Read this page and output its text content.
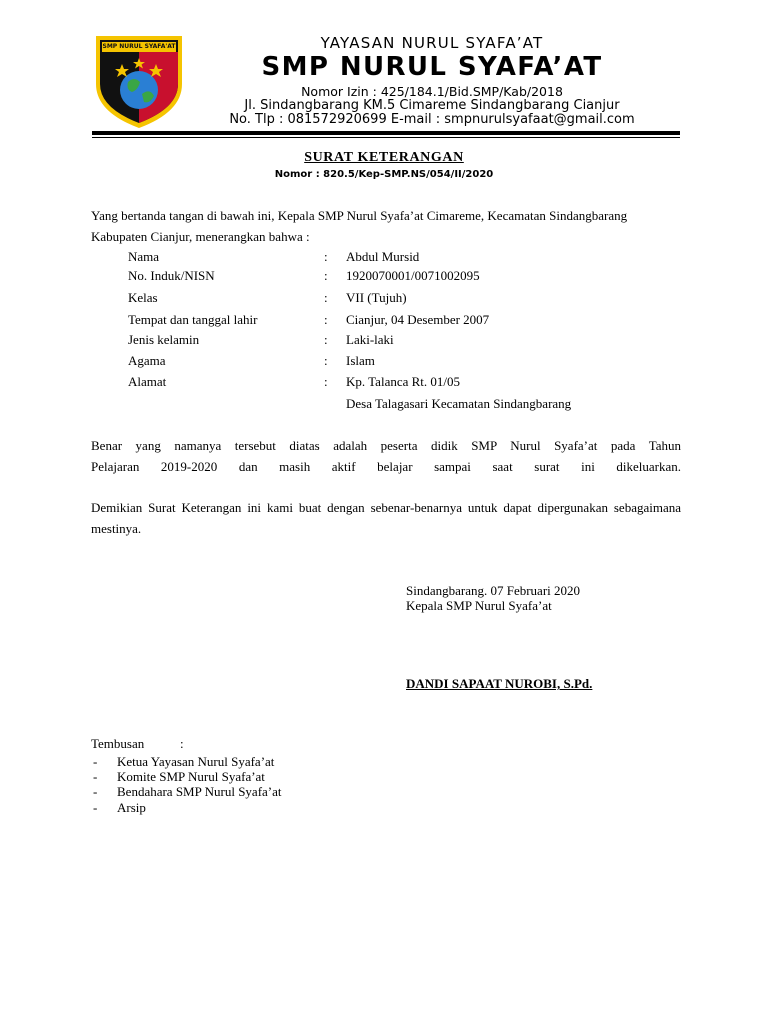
SMP NURUL SYAFA'AT	YAYASAN NURUL SYAFA’AT
SMP NURUL SYAFA’AT
Nomor Izin : 425/184.1/Bid.SMP/Kab/2018
Jl. Sindangbarang KM.5 Cimareme Sindangbarang Cianjur
No. Tlp : 081572920699 E-mail : smpnurulsyafaat@gmail.com
SURAT KETERANGAN
Nomor : 820.5/Kep-SMP.NS/054/II/2020
Yang bertanda tangan di bawah ini, Kepala SMP Nurul Syafa’at Cimareme, Kecamatan Sindangbarang Kabupaten Cianjur, menerangkan bahwa :
Nama	: Abdul Mursid
No. Induk/NISN	: 1920070001/0071002095
Kelas	: VII (Tujuh)
Tempat dan tanggal lahir	: Cianjur, 04 Desember 2007
Jenis kelamin	: Laki-laki
Agama	: Islam
Alamat	: Kp. Talanca Rt. 01/05
Desa Talagasari Kecamatan Sindangbarang
Benar yang namanya tersebut diatas adalah peserta didik SMP Nurul Syafa’at pada Tahun
Pelajaran 2019-2020 dan masih aktif belajar sampai saat surat ini dikeluarkan.
Demikian Surat Keterangan ini kami buat dengan sebenar-benarnya untuk dapat dipergunakan sebagaimana mestinya.
Sindangbarang. 07 Februari 2020
Kepala SMP Nurul Syafa’at
DANDI SAPAAT NUROBI, S.Pd.
Tembusan	:
- Ketua Yayasan Nurul Syafa’at
- Komite SMP Nurul Syafa’at
- Bendahara SMP Nurul Syafa’at
- Arsip
